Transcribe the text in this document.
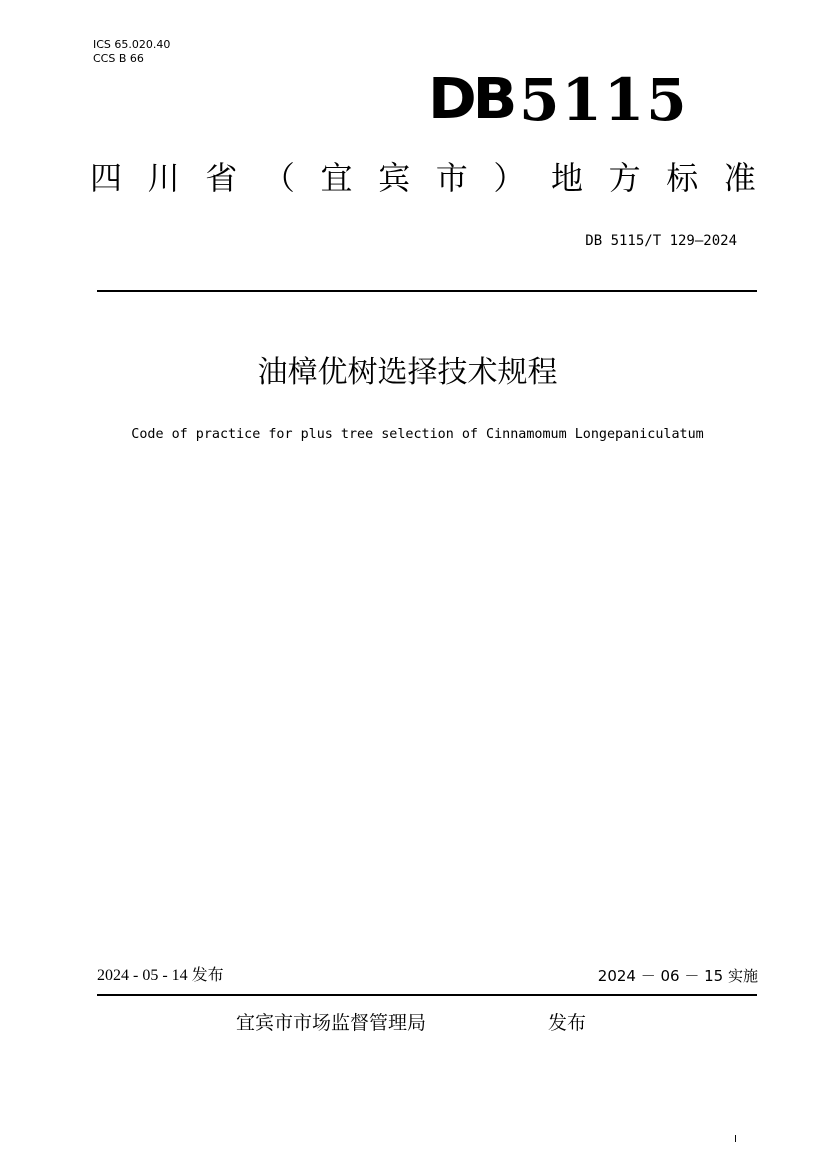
ICS 65.020.40
CCS B 66
DB 5115
四 川 省 （ 宜 宾 市 ） 地 方 标 准
DB 5115/T 129—2024
油樟优树选择技术规程
Code of practice for plus tree selection of Cinnamomum Longepaniculatum
2024 - 05 - 14 发布	2024 － 06 － 15 实施
宜宾市市场监督管理局	发布
I
